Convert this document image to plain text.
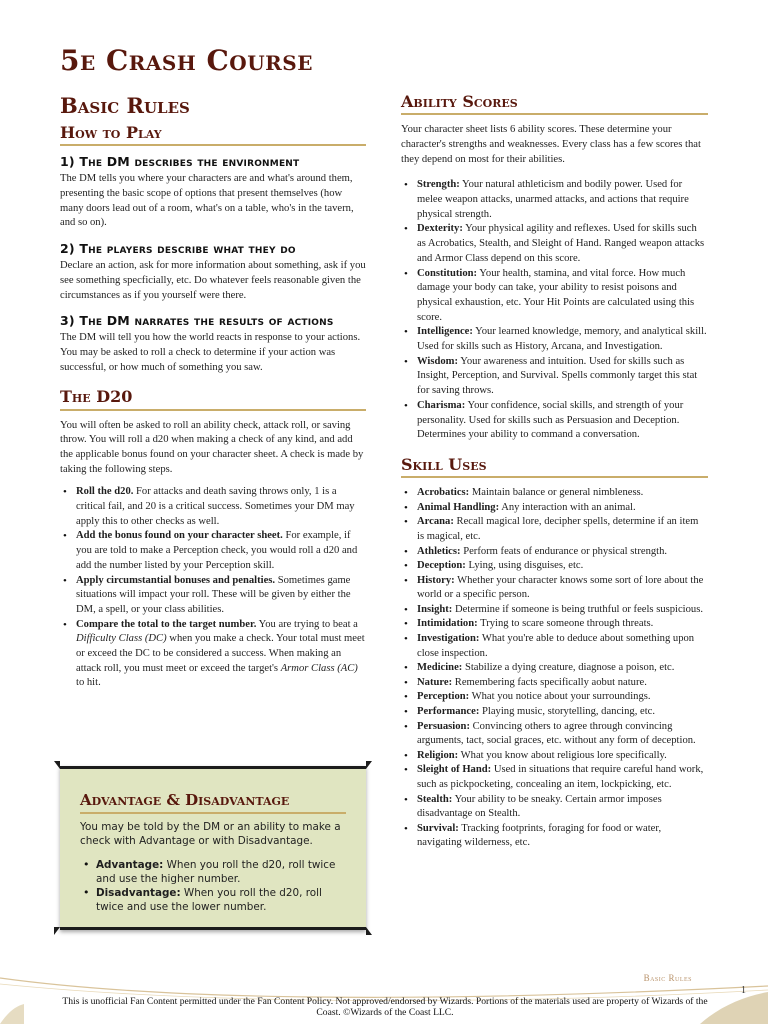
5e Crash Course
Basic Rules
How to Play
1) The DM describes the environment
The DM tells you where your characters are and what's around them, presenting the basic scope of options that present themselves (how many doors lead out of a room, what's on a table, who's in the tavern, and so on).
2) The players describe what they do
Declare an action, ask for more information about something, ask if you see something specficially, etc. Do whatever feels reasonable given the circumstances as if you yourself were there.
3) The DM narrates the results of actions
The DM will tell you how the world reacts in response to your actions. You may be asked to roll a check to determine if your action was successful, or how much of something you saw.
The D20
You will often be asked to roll an ability check, attack roll, or saving throw. You will roll a d20 when making a check of any kind, and add the applicable bonus found on your character sheet. A check is made by taking the following steps.
• Roll the d20. For attacks and death saving throws only, 1 is a critical fail, and 20 is a critical success. Sometimes your DM may apply this to other checks as well.
• Add the bonus found on your character sheet. For example, if you are told to make a Perception check, you would roll a d20 and add the number listed by your Perception skill.
• Apply circumstantial bonuses and penalties. Sometimes game situations will impact your roll. These will be given by either the DM, a spell, or your class abilities.
• Compare the total to the target number. You are trying to beat a Difficulty Class (DC) when you make a check. Your total must meet or exceed the DC to be considered a success. When making an attack roll, you must meet or exceed the target's Armor Class (AC) to hit.
Advantage & Disadvantage
You may be told by the DM or an ability to make a check with Advantage or with Disadvantage.
• Advantage: When you roll the d20, roll twice and use the higher number.
• Disadvantage: When you roll the d20, roll twice and use the lower number.
Ability Scores
Your character sheet lists 6 ability scores. These determine your character's strengths and weaknesses. Every class has a few scores that they depend on most for their abilities.
• Strength: Your natural athleticism and bodily power. Used for melee weapon attacks, unarmed attacks, and actions that require physical strength.
• Dexterity: Your physical agility and reflexes. Used for skills such as Acrobatics, Stealth, and Sleight of Hand. Ranged weapon attacks and Armor Class depend on this score.
• Constitution: Your health, stamina, and vital force. How much damage your body can take, your ability to resist poisons and physical exhaustion, etc. Your Hit Points are calculated using this score.
• Intelligence: Your learned knowledge, memory, and analytical skill. Used for skills such as History, Arcana, and Investigation.
• Wisdom: Your awareness and intuition. Used for skills such as Insight, Perception, and Survival. Spells commonly target this stat for saving throws.
• Charisma: Your confidence, social skills, and strength of your personality. Used for skills such as Persuasion and Deception. Determines your ability to command a conversation.
Skill Uses
• Acrobatics: Maintain balance or general nimbleness.
• Animal Handling: Any interaction with an animal.
• Arcana: Recall magical lore, decipher spells, determine if an item is magical, etc.
• Athletics: Perform feats of endurance or physical strength.
• Deception: Lying, using disguises, etc.
• History: Whether your character knows some sort of lore about the world or a specific person.
• Insight: Determine if someone is being truthful or feels suspicious.
• Intimidation: Trying to scare someone through threats.
• Investigation: What you're able to deduce about something upon close inspection.
• Medicine: Stabilize a dying creature, diagnose a poison, etc.
• Nature: Remembering facts specifically aobut nature.
• Perception: What you notice about your surroundings.
• Performance: Playing music, storytelling, dancing, etc.
• Persuasion: Convincing others to agree through convincing arguments, tact, social graces, etc. without any form of deception.
• Religion: What you know about religious lore specifically.
• Sleight of Hand: Used in situations that require careful hand work, such as pickpocketing, concealing an item, lockpicking, etc.
• Stealth: Your ability to be sneaky. Certain armor imposes disadvantage on Stealth.
• Survival: Tracking footprints, foraging for food or water, navigating wilderness, etc.
Basic Rules
1
This is unofficial Fan Content permitted under the Fan Content Policy. Not approved/endorsed by Wizards. Portions of the materials used are property of Wizards of the Coast. ©Wizards of the Coast LLC.
